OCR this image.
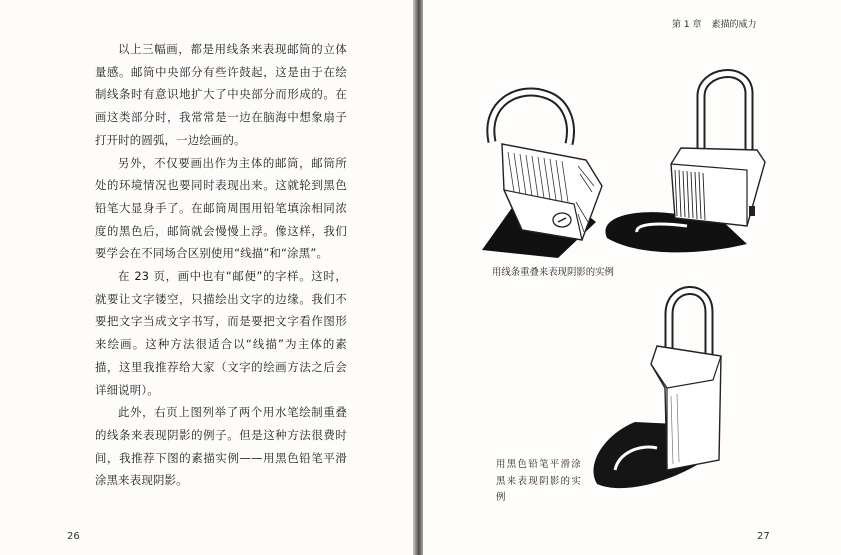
以上三幅画，都是用线条来表现邮筒的立体量感。邮筒中央部分有些许鼓起，这是由于在绘制线条时有意识地扩大了中央部分而形成的。在画这类部分时，我常常是一边在脑海中想象扇子打开时的圆弧，一边绘画的。

另外，不仅要画出作为主体的邮筒，邮筒所处的环境情况也要同时表现出来。这就轮到黑色铅笔大显身手了。在邮筒周围用铅笔填涂相同浓度的黑色后，邮筒就会慢慢上浮。像这样，我们要学会在不同场合区别使用“线描”和“涂黑”。

在 23 页，画中也有“邮便”的字样。这时，就要让文字镂空，只描绘出文字的边缘。我们不要把文字当成文字书写，而是要把文字看作图形来绘画。这种方法很适合以“线描”为主体的素描，这里我推荐给大家（文字的绘画方法之后会详细说明）。

此外，右页上图列举了两个用水笔绘制重叠的线条来表现阴影的例子。但是这种方法很费时间，我推荐下图的素描实例——用黑色铅笔平滑涂黑来表现阴影。

26
第 1 章 素描的威力
用线条重叠来表现阴影的实例
用黑色铅笔平滑涂黑来表现阴影的实例
27
